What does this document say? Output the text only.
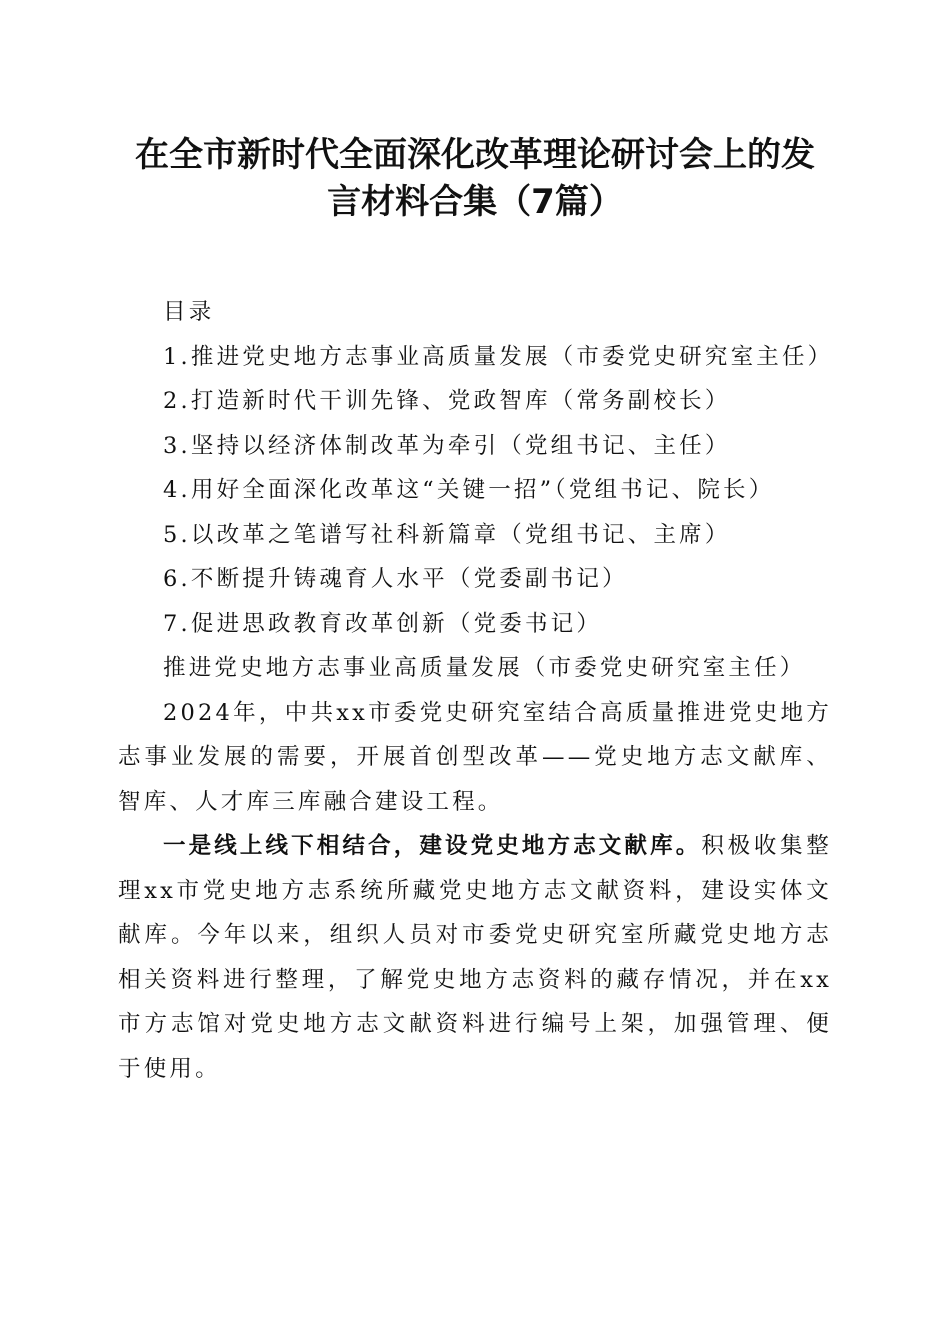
在全市新时代全面深化改革理论研讨会上的发
言材料合集（7篇）

目录

1.推进党史地方志事业高质量发展（市委党史研究室主任）

2.打造新时代干训先锋、党政智库（常务副校长）

3.坚持以经济体制改革为牵引（党组书记、主任）

4.用好全面深化改革这“关键一招”（党组书记、院长）

5.以改革之笔谱写社科新篇章（党组书记、主席）

6.不断提升铸魂育人水平（党委副书记）

7.促进思政教育改革创新（党委书记）

推进党史地方志事业高质量发展（市委党史研究室主任）

2024年，中共xx市委党史研究室结合高质量推进党史地方志事业发展的需要，开展首创型改革——党史地方志文献库、智库、人才库三库融合建设工程。

一是线上线下相结合，建设党史地方志文献库。积极收集整理xx市党史地方志系统所藏党史地方志文献资料，建设实体文献库。今年以来，组织人员对市委党史研究室所藏党史地方志相关资料进行整理，了解党史地方志资料的藏存情况，并在xx市方志馆对党史地方志文献资料进行编号上架，加强管理、便于使用。
